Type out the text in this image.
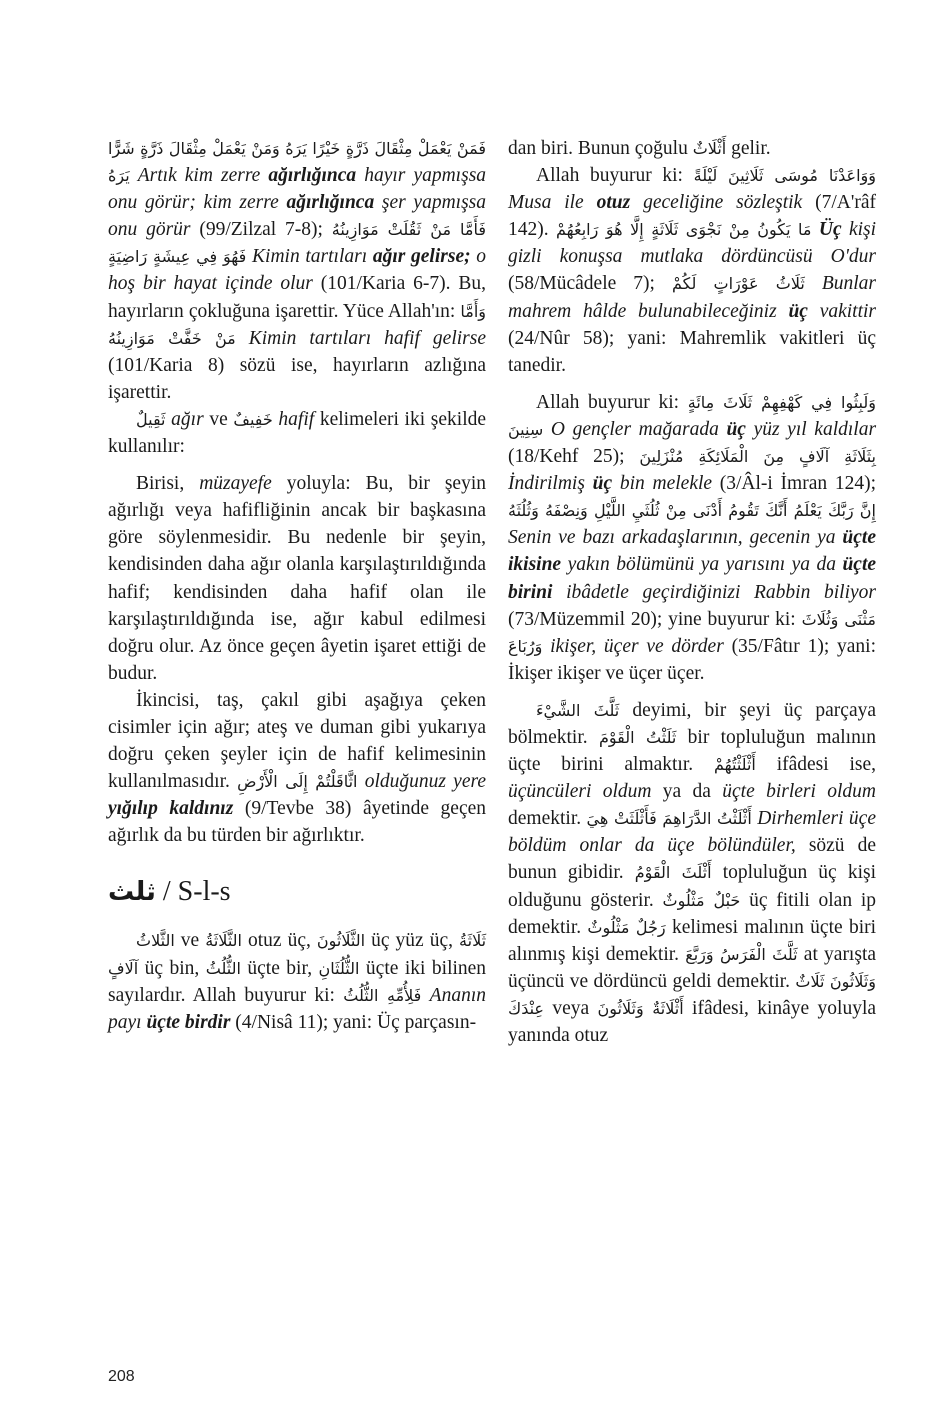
فَمَنْ يَعْمَلْ مِثْقَالَ ذَرَّةٍ خَيْرًا يَرَهُ وَمَنْ يَعْمَلْ مِثْقَالَ ذَرَّةٍ شَرًّا يَرَهُ Artık kim zerre ağırlığınca hayır yapmışsa onu görür; kim zerre ağırlığınca şer yapmışsa onu görür (99/Zilzal 7-8); فَأَمَّا مَنْ ثَقُلَتْ مَوَازِينُهُ فَهُوَ فِي عِيشَةٍ رَاضِيَةٍ Kimin tartıları ağır gelirse; o hoş bir hayat içinde olur (101/Karia 6-7). Bu, hayırların çokluğuna işarettir. Yüce Allah'ın: وَأَمَّا مَنْ خَفَّتْ مَوَازِينُهُ Kimin tartıları hafif gelirse (101/Karia 8) sözü ise, hayırların azlığına işarettir.

ثَقِيلٌ ağır ve خَفِيفٌ hafif kelimeleri iki şekilde kullanılır:

Birisi, müzayefe yoluyla: Bu, bir şeyin ağırlığı veya hafifliğinin ancak bir başkasına göre söylenmesidir. Bu nedenle bir şeyin, kendisinden daha ağır olanla karşılaştırıldığında hafif; kendisinden daha hafif olan ile karşılaştırıldığında ise, ağır kabul edilmesi doğru olur. Az önce geçen âyetin işaret ettiği de budur.

İkincisi, taş, çakıl gibi aşağıya çeken cisimler için ağır; ateş ve duman gibi yukarıya doğru çeken şeyler için de hafif kelimesinin kullanılmasıdır. اثَّاقَلْتُمْ إِلَى الْأَرْضِ olduğunuz yere yığılıp kaldınız (9/Tevbe 38) âyetinde geçen ağırlık da bu türden bir ağırlıktır.

ثلث / S-l-s

الثَّلاثُ ve الثَّلَاثَةُ otuz üç, الثَّلَاثُونَ üç yüz üç, ثَلَاثَةُ آلَافٍ üç bin, الثُّلُثُ üçte bir, الثُّلُثَانِ üçte iki bilinen sayılardır. Allah buyurur ki: فَلِأُمِّهِ الثُّلُثُ Ananın payı üçte birdir (4/Nisâ 11); yani: Üç parçasın-

dan biri. Bunun çoğulu أَثْلَاثٌ gelir.

Allah buyurur ki: وَوَاعَدْنَا مُوسَى ثَلَاثِينَ لَيْلَةً Musa ile otuz geceliğine sözleştik (7/A'râf 142). مَا يَكُونُ مِنْ نَجْوَى ثَلَاثَةٍ إِلَّا هُوَ رَابِعُهُمْ Üç kişi gizli konuşsa mutlaka dördüncüsü O'dur (58/Mücâdele 7); ثَلَاثُ عَوْرَاتٍ لَكُمْ Bunlar mahrem hâlde bulunabileceğiniz üç vakittir (24/Nûr 58); yani: Mahremlik vakitleri üç tanedir.

Allah buyurur ki: وَلَبِثُوا فِي كَهْفِهِمْ ثَلَاثَ مِائَةٍ سِنِينَ O gençler mağarada üç yüz yıl kaldılar (18/Kehf 25); بِثَلَاثَةِ آلَافٍ مِنَ الْمَلَائِكَةِ مُنْزَلِينَ İndirilmiş üç bin melekle (3/Âl-i İmran 124); إِنَّ رَبَّكَ يَعْلَمُ أَنَّكَ تَقُومُ أَدْنَى مِنْ ثُلُثَيِ اللَّيْلِ وَنِصْفَهُ وَثُلُثَهُ Senin ve bazı arkadaşlarının, gecenin ya üçte ikisine yakın bölümünü ya yarısını ya da üçte birini ibâdetle geçirdiğinizi Rabbin biliyor (73/Müzemmil 20); yine buyurur ki: مَثْنَى وَثُلَاثَ وَرُبَاعَ ikişer, üçer ve dörder (35/Fâtır 1); yani: İkişer ikişer ve üçer üçer.

ثَلَّثَ الشَّيْءَ deyimi, bir şeyi üç parçaya bölmektir. ثَلَثْتُ الْقَوْمَ bir topluluğun malının üçte birini almaktır. أَثْلَثْتُهُمْ ifâdesi ise, üçüncüleri oldum ya da üçte birleri oldum demektir. أَثْلَثْتُ الدَّرَاهِمَ فَأَثْلَثَتْ هِيَ Dirhemleri üçe böldüm onlar da üçe bölündüler, sözü de bunun gibidir. أَثْلَثَ الْقَوْمُ topluluğun üç kişi olduğunu gösterir. حَبْلٌ مَثْلُوثٌ üç fitili olan ip demektir. رَجُلٌ مَثْلُوثٌ kelimesi malının üçte biri alınmış kişi demektir. ثَلَّثَ الْفَرَسُ وَرَبَّعَ at yarışta üçüncü ve dördüncü geldi demektir. ثَلَاثٌ وَثَلَاثُونَ عِنْدَكَ veya أَثْلَاثَةٌ وَثَلَاثُونَ ifâdesi, kinâye yoluyla yanında otuz

208
